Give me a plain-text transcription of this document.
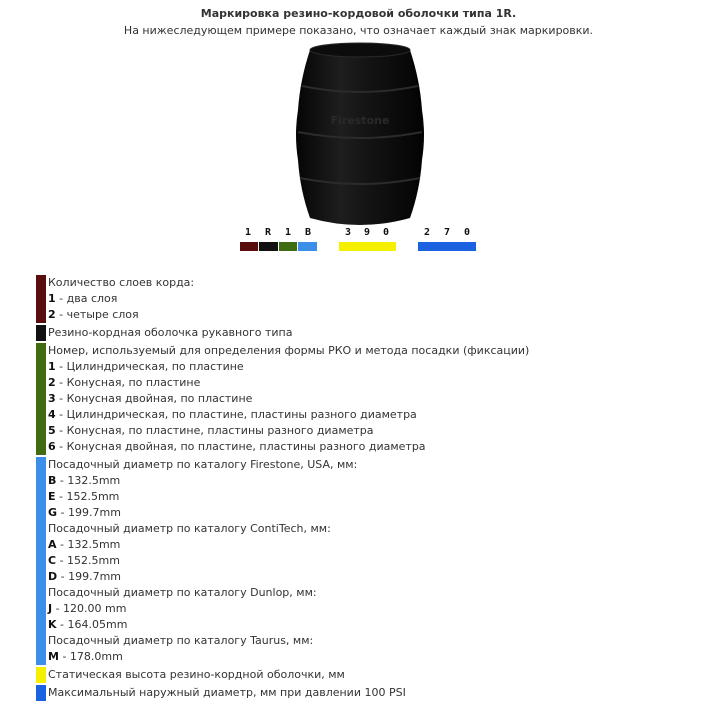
Маркировка резино-кордовой оболочки типа 1R.
На нижеследующем примере показано, что означает каждый знак маркировки.
Firestone
1	R	1	B	3	9	0	2	7	0
Количество слоев корда:
1 - два слоя
2 - четыре слоя
Резино-кордная оболочка рукавного типа
Номер, используемый для определения формы РКО и метода посадки (фиксации)
1 - Цилиндрическая, по пластине
2 - Конусная, по пластине
3 - Конусная двойная, по пластине
4 - Цилиндрическая, по пластине, пластины разного диаметра
5 - Конусная, по пластине, пластины разного диаметра
6 - Конусная двойная, по пластине, пластины разного диаметра
Посадочный диаметр по каталогу Firestone, USA, мм:
B - 132.5mm
E - 152.5mm
G - 199.7mm
Посадочный диаметр по каталогу ContiTech, мм:
A - 132.5mm
C - 152.5mm
D - 199.7mm
Посадочный диаметр по каталогу Dunlop, мм:
J - 120.00 mm
K - 164.05mm
Посадочный диаметр по каталогу Taurus, мм:
M - 178.0mm
Статическая высота резино-кордной оболочки, мм
Максимальный наружный диаметр, мм при давлении 100 PSI
